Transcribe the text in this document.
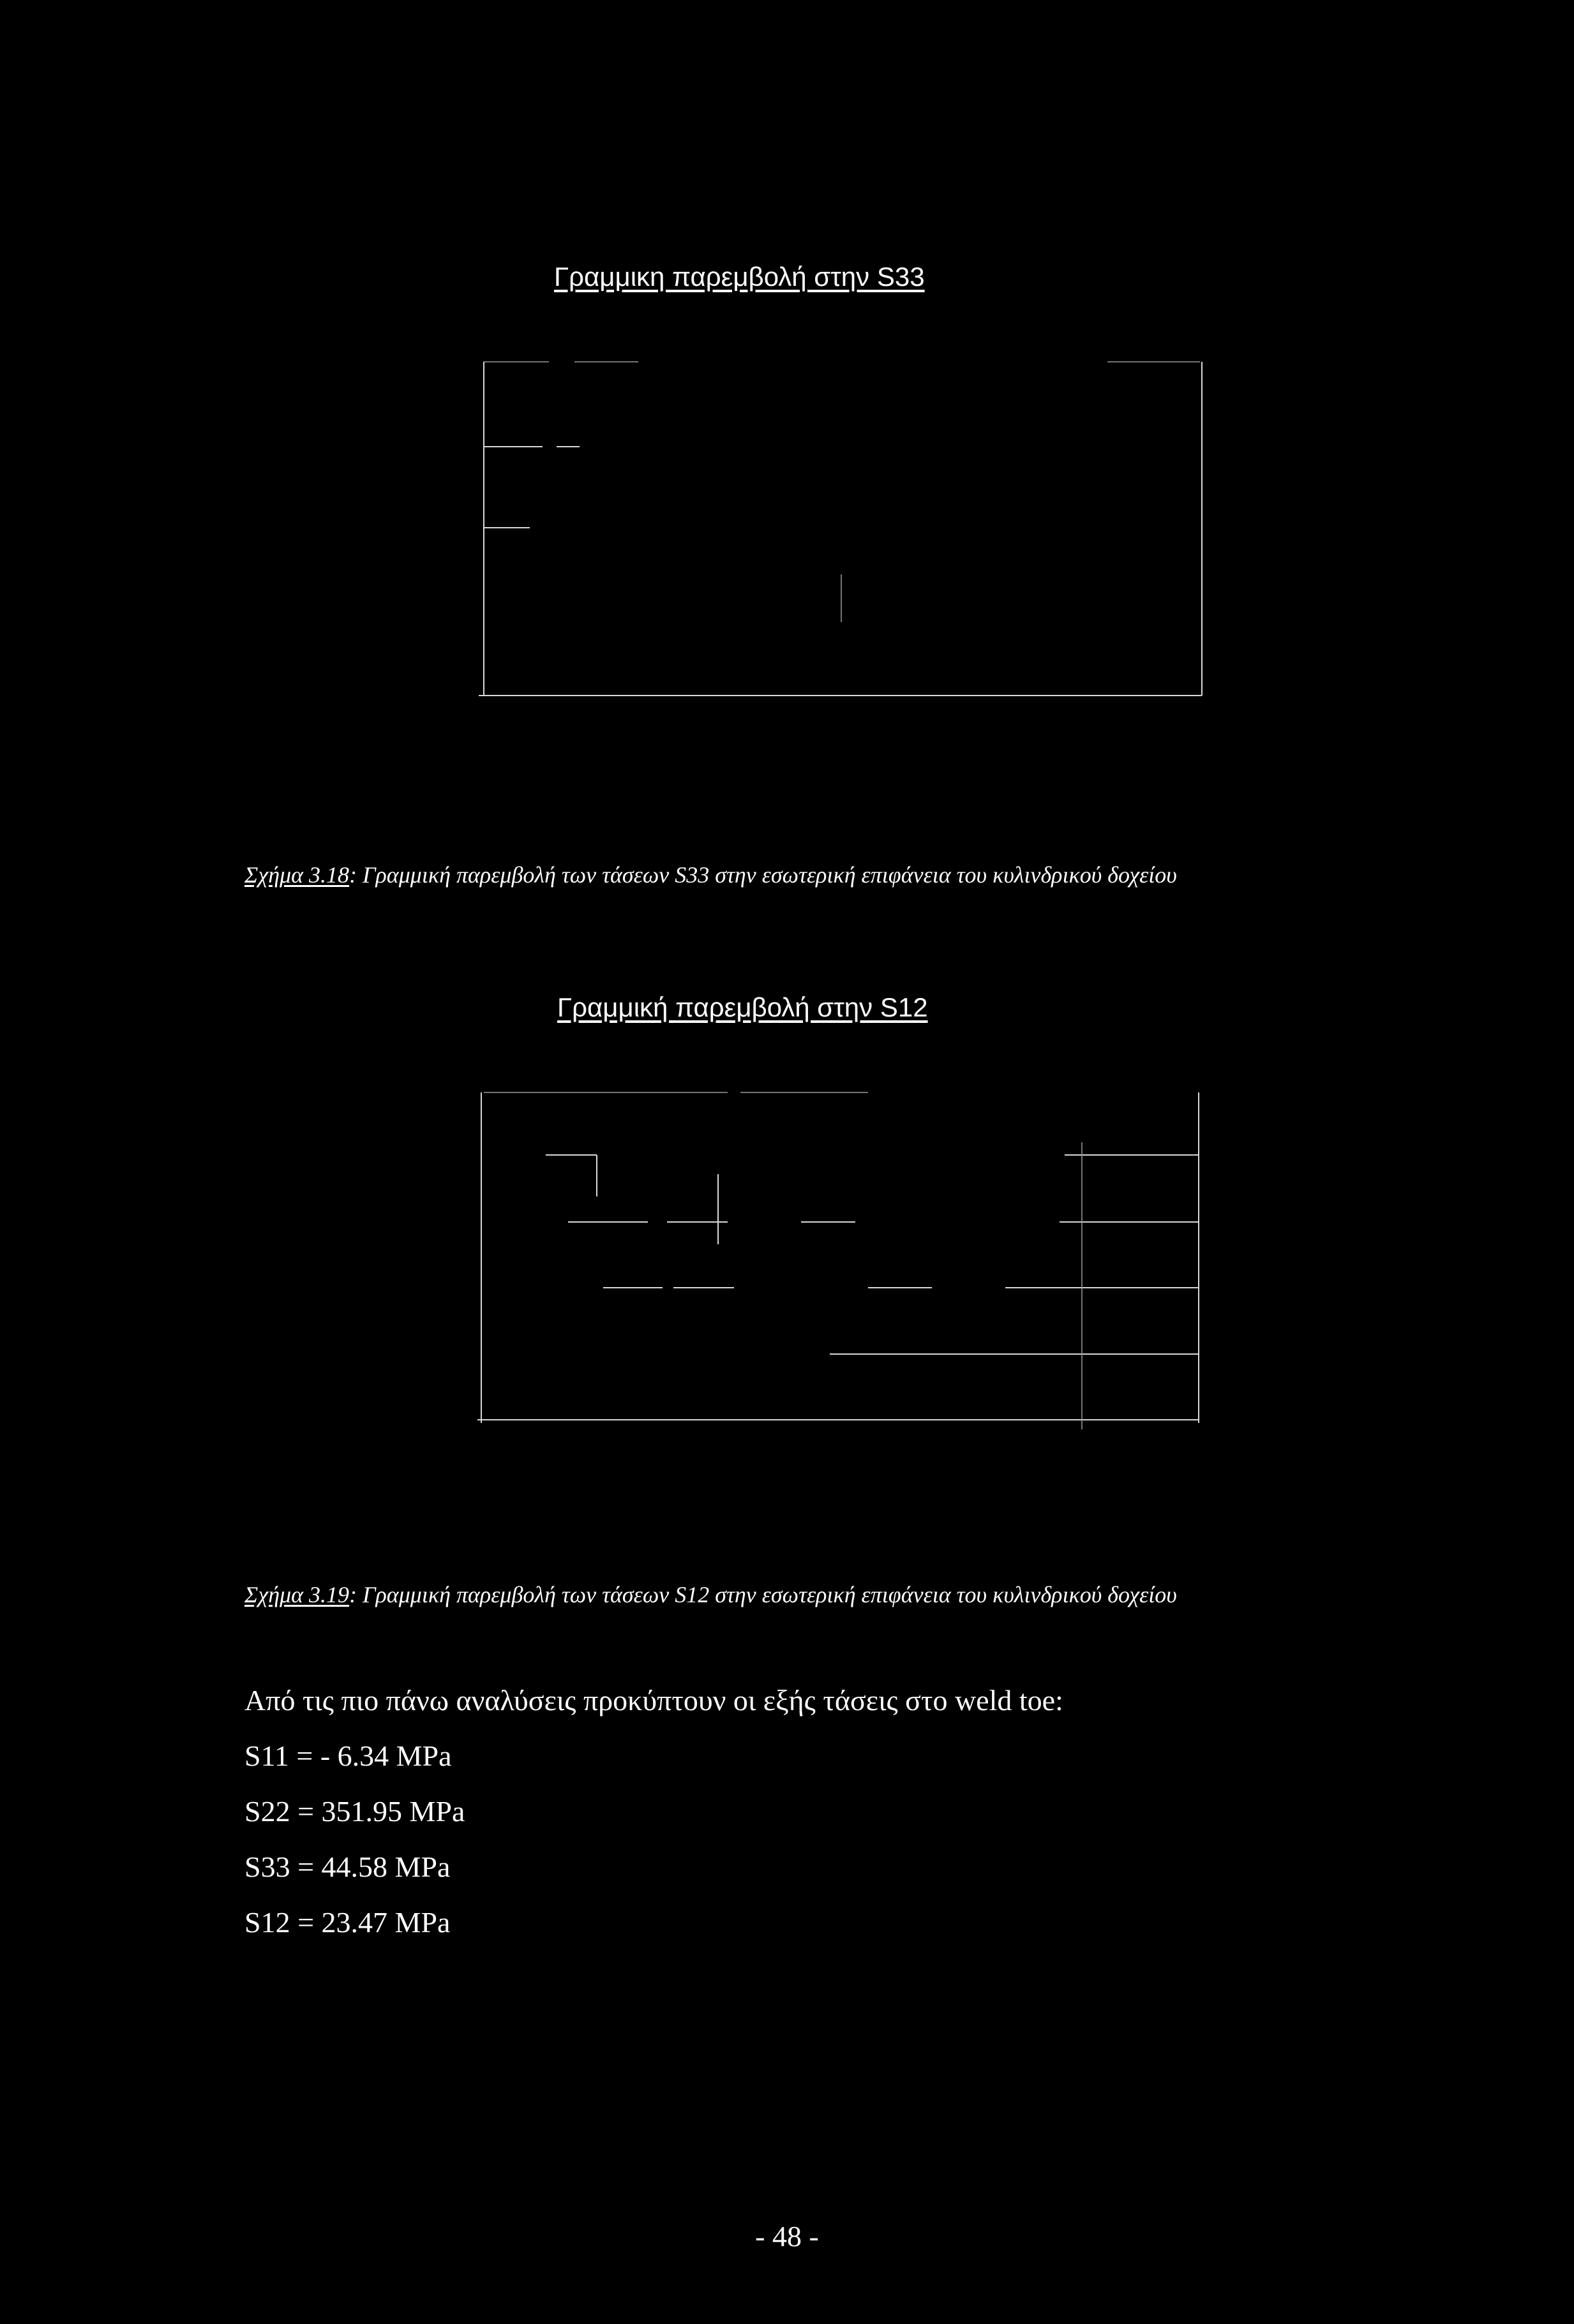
Γραμμικη παρεμβολή στην S33
Σχήμα 3.18: Γραμμική παρεμβολή των τάσεων S33 στην εσωτερική επιφάνεια του κυλινδρικού δοχείου
Γραμμική παρεμβολή στην S12
Σχήμα 3.19: Γραμμική παρεμβολή των τάσεων S12 στην εσωτερική επιφάνεια του κυλινδρικού δοχείου
Από τις πιο πάνω αναλύσεις προκύπτουν οι εξής τάσεις στο weld toe:
S11 = - 6.34 MPa
S22 = 351.95 MPa
S33 = 44.58 MPa
S12 = 23.47 MPa
- 48 -
